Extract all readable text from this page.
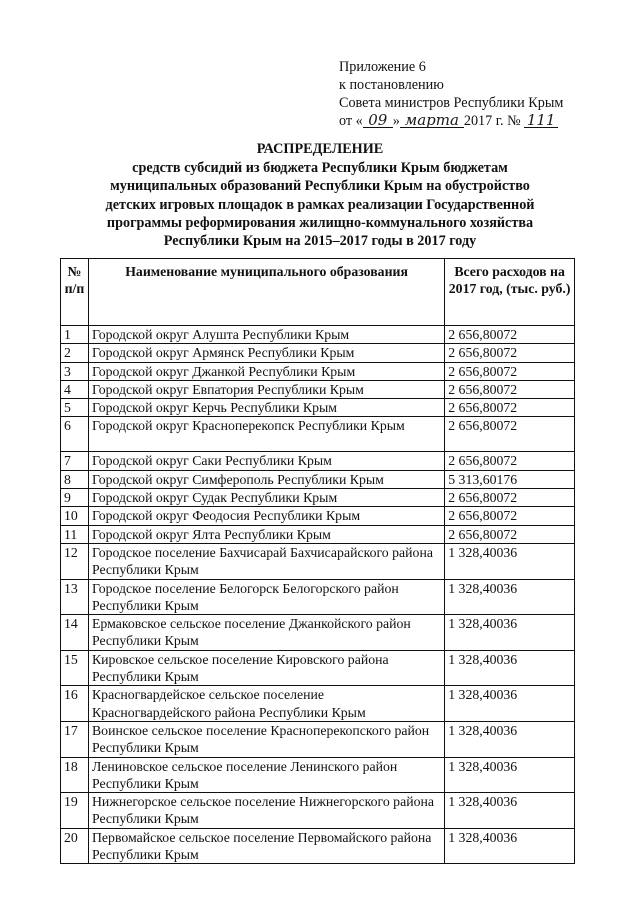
Приложение 6
к постановлению
Совета министров Республики Крым
от « 09 » марта 2017 г. № 111
РАСПРЕДЕЛЕНИЕ
средств субсидий из бюджета Республики Крым бюджетам
муниципальных образований Республики Крым на обустройство
детских игровых площадок в рамках реализации Государственной
программы реформирования жилищно-коммунального хозяйства
Республики Крым на 2015–2017 годы в 2017 году
№ п/п	Наименование муниципального образования	Всего расходов на 2017 год, (тыс. руб.)
1	Городской округ Алушта Республики Крым	2 656,80072
2	Городской округ Армянск Республики Крым	2 656,80072
3	Городской округ Джанкой Республики Крым	2 656,80072
4	Городской округ Евпатория Республики Крым	2 656,80072
5	Городской округ Керчь Республики Крым	2 656,80072
6	Городской округ Красноперекопск Республики Крым	2 656,80072
7	Городской округ Саки Республики Крым	2 656,80072
8	Городской округ Симферополь Республики Крым	5 313,60176
9	Городской округ Судак Республики Крым	2 656,80072
10	Городской округ Феодосия Республики Крым	2 656,80072
11	Городской округ Ялта Республики Крым	2 656,80072
12	Городское поселение Бахчисарай Бахчисарайского района Республики Крым	1 328,40036
13	Городское поселение Белогорск Белогорского район Республики Крым	1 328,40036
14	Ермаковское сельское поселение Джанкойского район Республики Крым	1 328,40036
15	Кировское сельское поселение Кировского района Республики Крым	1 328,40036
16	Красногвардейское сельское поселение Красногвардейского района Республики Крым	1 328,40036
17	Воинское сельское поселение Красноперекопского район Республики Крым	1 328,40036
18	Лениновское сельское поселение Ленинского район Республики Крым	1 328,40036
19	Нижнегорское сельское поселение Нижнегорского района Республики Крым	1 328,40036
20	Первомайское сельское поселение Первомайского района Республики Крым	1 328,40036
